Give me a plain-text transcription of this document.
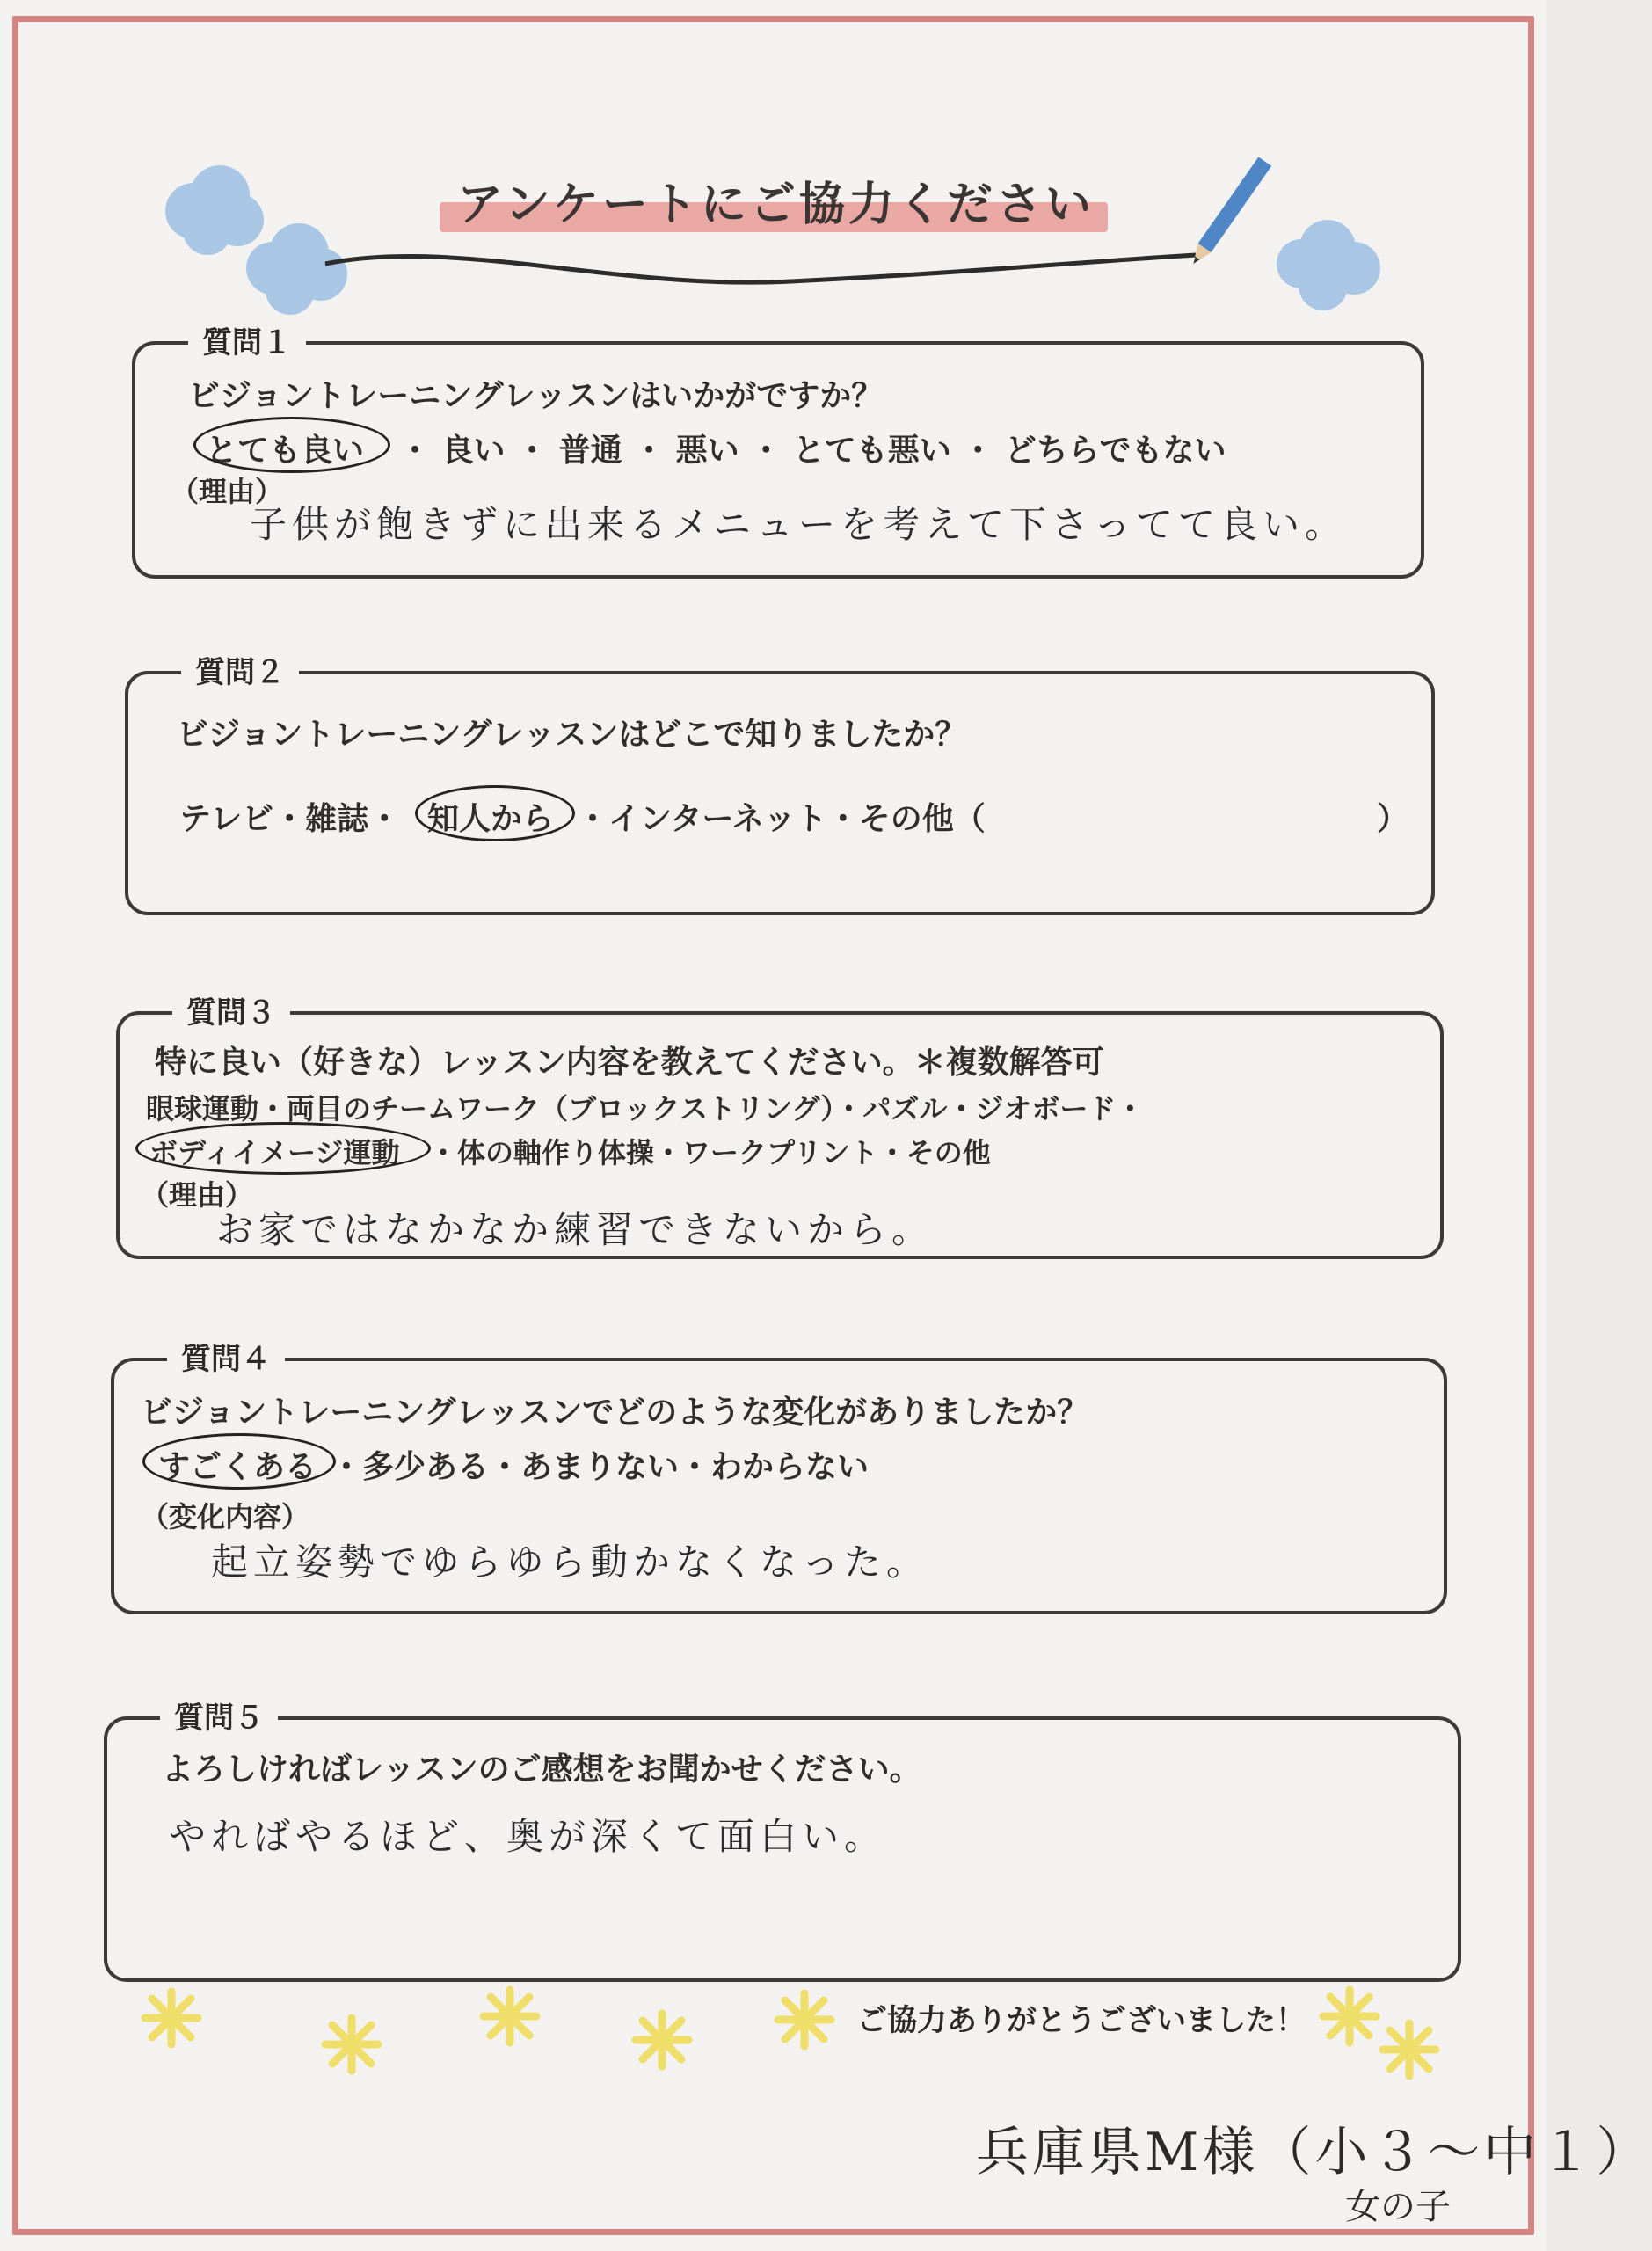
アンケートにご協力ください
質問１
ビジョントレーニングレッスンはいかがですか？
とても良い ・ 良い ・ 普通 ・ 悪い ・ とても悪い ・ どちらでもない
（理由）
子供が飽きずに出来るメニューを考えて下さってて良い。
質問２
ビジョントレーニングレッスンはどこで知りましたか？
テレビ・雑誌・ 知人から ・インターネット・その他（	）
質問３
特に良い（好きな）レッスン内容を教えてください。＊複数解答可
眼球運動・両目のチームワーク（ブロックストリング）・パズル・ジオボード・
ボディイメージ運動 ・体の軸作り体操・ワークプリント・その他
（理由）
お家ではなかなか練習できないから。
質問４
ビジョントレーニングレッスンでどのような変化がありましたか？
すごくある ・多少ある・あまりない・わからない
（変化内容）
起立姿勢でゆらゆら動かなくなった。
質問５
よろしければレッスンのご感想をお聞かせください。
やればやるほど、奥が深くて面白い。
ご協力ありがとうございました！
兵庫県M様（小３〜中１）
女の子
